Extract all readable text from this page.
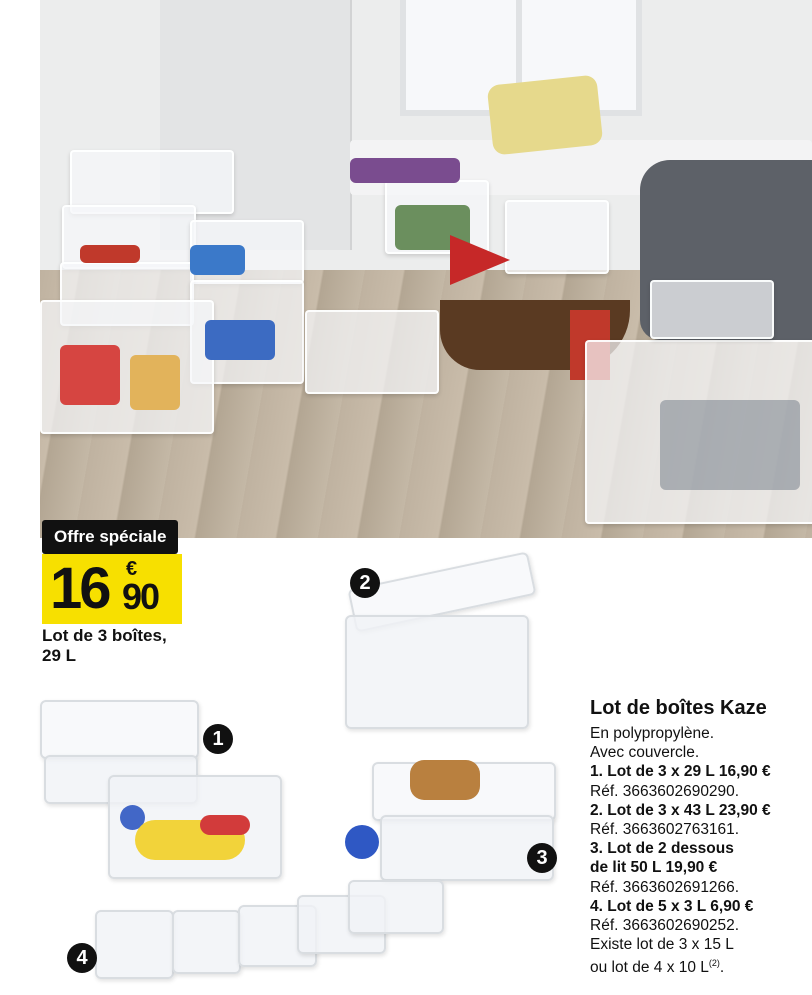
Offre spéciale
16 €
90
Lot de 3 boîtes,
29 L
1
2
3
4
Lot de boîtes Kaze
En polypropylène.
Avec couvercle.
1. Lot de 3 x 29 L 16,90 €
Réf. 3663602690290.
2. Lot de 3 x 43 L 23,90 €
Réf. 3663602763161.
3. Lot de 2 dessous
de lit 50 L 19,90 €
Réf. 3663602691266.
4. Lot de 5 x 3 L 6,90 €
Réf. 3663602690252.
Existe lot de 3 x 15 L
ou lot de 4 x 10 $L^{(2)}$.
